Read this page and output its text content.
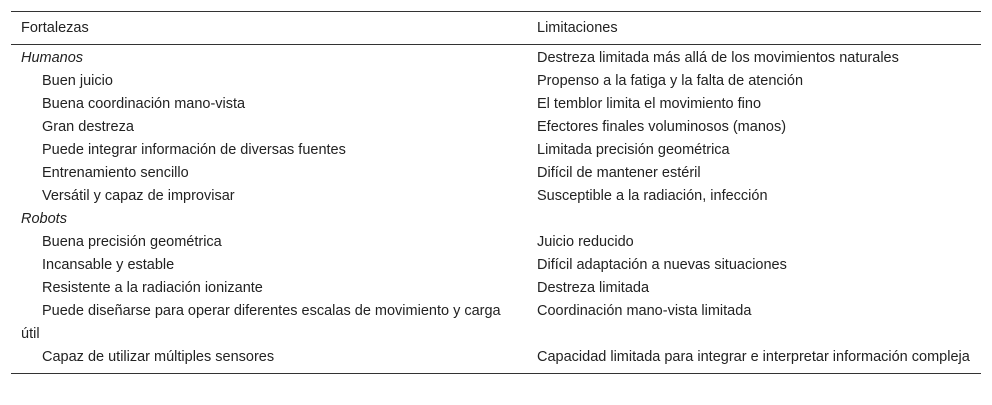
Fortalezas	Limitaciones
Humanos	Destreza limitada más allá de los movimientos naturales
Buen juicio	Propenso a la fatiga y la falta de atención
Buena coordinación mano-vista	El temblor limita el movimiento fino
Gran destreza	Efectores finales voluminosos (manos)
Puede integrar información de diversas fuentes	Limitada precisión geométrica
Entrenamiento sencillo	Difícil de mantener estéril
Versátil y capaz de improvisar	Susceptible a la radiación, infección
Robots	
Buena precisión geométrica	Juicio reducido
Incansable y estable	Difícil adaptación a nuevas situaciones
Resistente a la radiación ionizante	Destreza limitada

Puede diseñarse para operar diferentes escalas de movimiento y carga útil	Coordinación mano-vista limitada
Capaz de utilizar múltiples sensores	Capacidad limitada para integrar e interpretar información compleja
